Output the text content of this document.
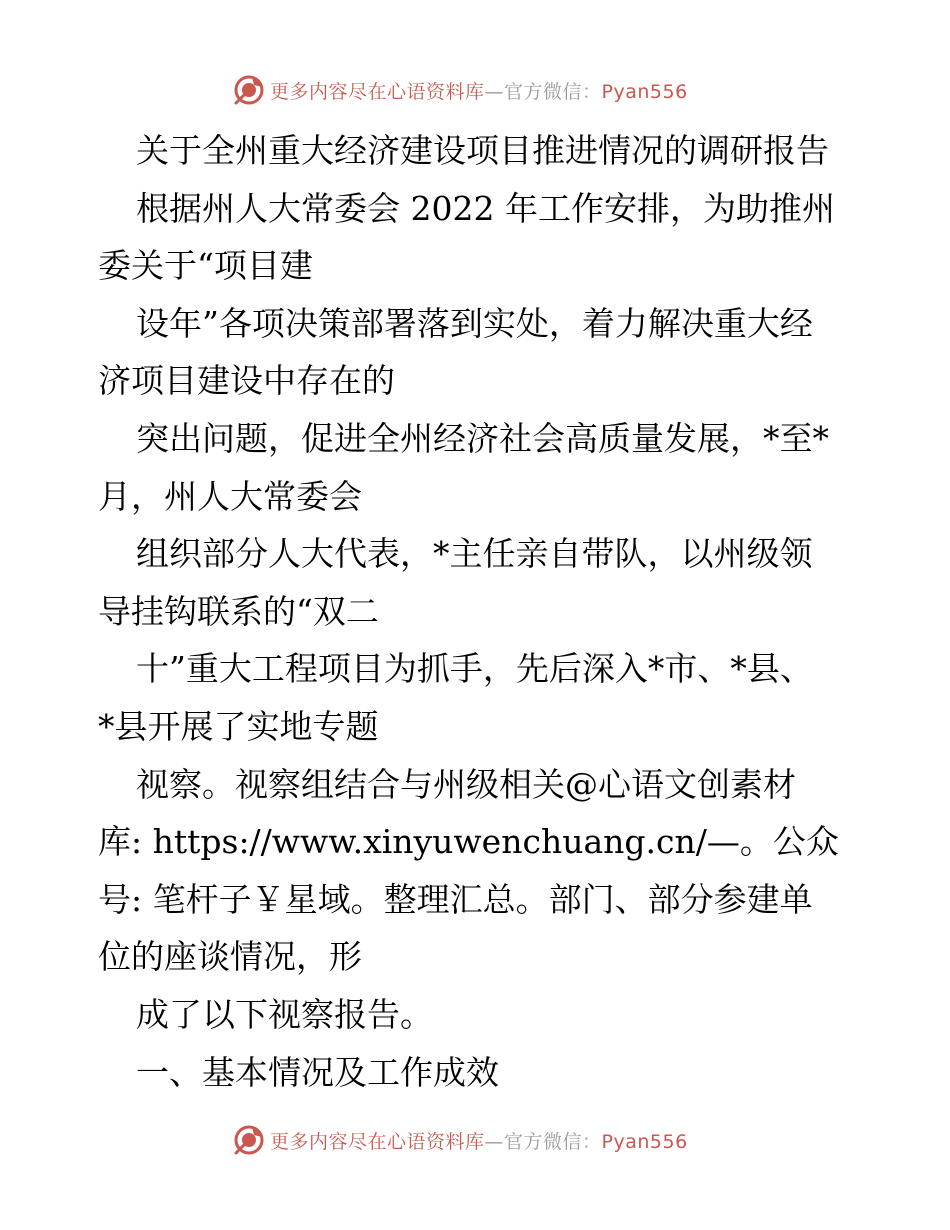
更多内容尽在心语资料库—官方微信：Pyan556
关于全州重大经济建设项目推进情况的调研报告
根据州人大常委会 2022 年工作安排，为助推州
委关于“项目建
设年”各项决策部署落到实处，着力解决重大经
济项目建设中存在的
突出问题，促进全州经济社会高质量发展，*至*
月，州人大常委会
组织部分人大代表，*主任亲自带队，以州级领
导挂钩联系的“双二
十”重大工程项目为抓手，先后深入*市、*县、
*县开展了实地专题
视察。视察组结合与州级相关@心语文创素材
库: https://www.xinyuwenchuang.cn/—。公众
号: 笔杆子￥星域。整理汇总。部门、部分参建单
位的座谈情况，形
成了以下视察报告。
一、基本情况及工作成效
更多内容尽在心语资料库—官方微信：Pyan556
